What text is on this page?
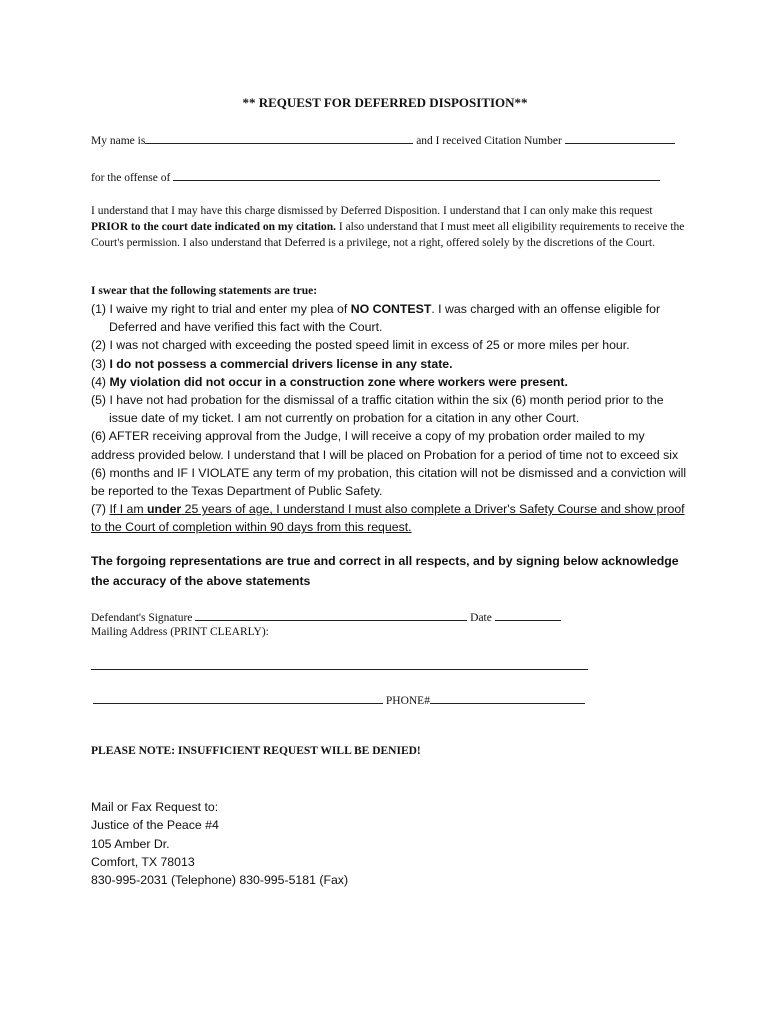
** REQUEST FOR DEFERRED DISPOSITION**
My name is	and I received Citation Number
for the offense of

I understand that I may have this charge dismissed by Deferred Disposition. I understand that I can only make this request PRIOR to the court date indicated on my citation. I also understand that I must meet all eligibility requirements to receive the Court's permission. I also understand that Deferred is a privilege, not a right, offered solely by the discretions of the Court.

I swear that the following statements are true:

(1) I waive my right to trial and enter my plea of NO CONTEST. I was charged with an offense eligible for Deferred and have verified this fact with the Court.

(2) I was not charged with exceeding the posted speed limit in excess of 25 or more miles per hour.

(3) I do not possess a commercial drivers license in any state.

(4) My violation did not occur in a construction zone where workers were present.

(5) I have not had probation for the dismissal of a traffic citation within the six (6) month period prior to the issue date of my ticket. I am not currently on probation for a citation in any other Court.

(6) AFTER receiving approval from the Judge, I will receive a copy of my probation order mailed to my address provided below. I understand that I will be placed on Probation for a period of time not to exceed six (6) months and IF I VIOLATE any term of my probation, this citation will not be dismissed and a conviction will be reported to the Texas Department of Public Safety.

(7) If I am under 25 years of age, I understand I must also complete a Driver's Safety Course and show proof to the Court of completion within 90 days from this request.

The forgoing representations are true and correct in all respects, and by signing below acknowledge the accuracy of the above statements
Defendant's Signature	Date
Mailing Address (PRINT CLEARLY):
PHONE#
PLEASE NOTE: INSUFFICIENT REQUEST WILL BE DENIED!
Mail or Fax Request to:
Justice of the Peace #4
105 Amber Dr.
Comfort, TX 78013
830-995-2031 (Telephone) 830-995-5181 (Fax)
